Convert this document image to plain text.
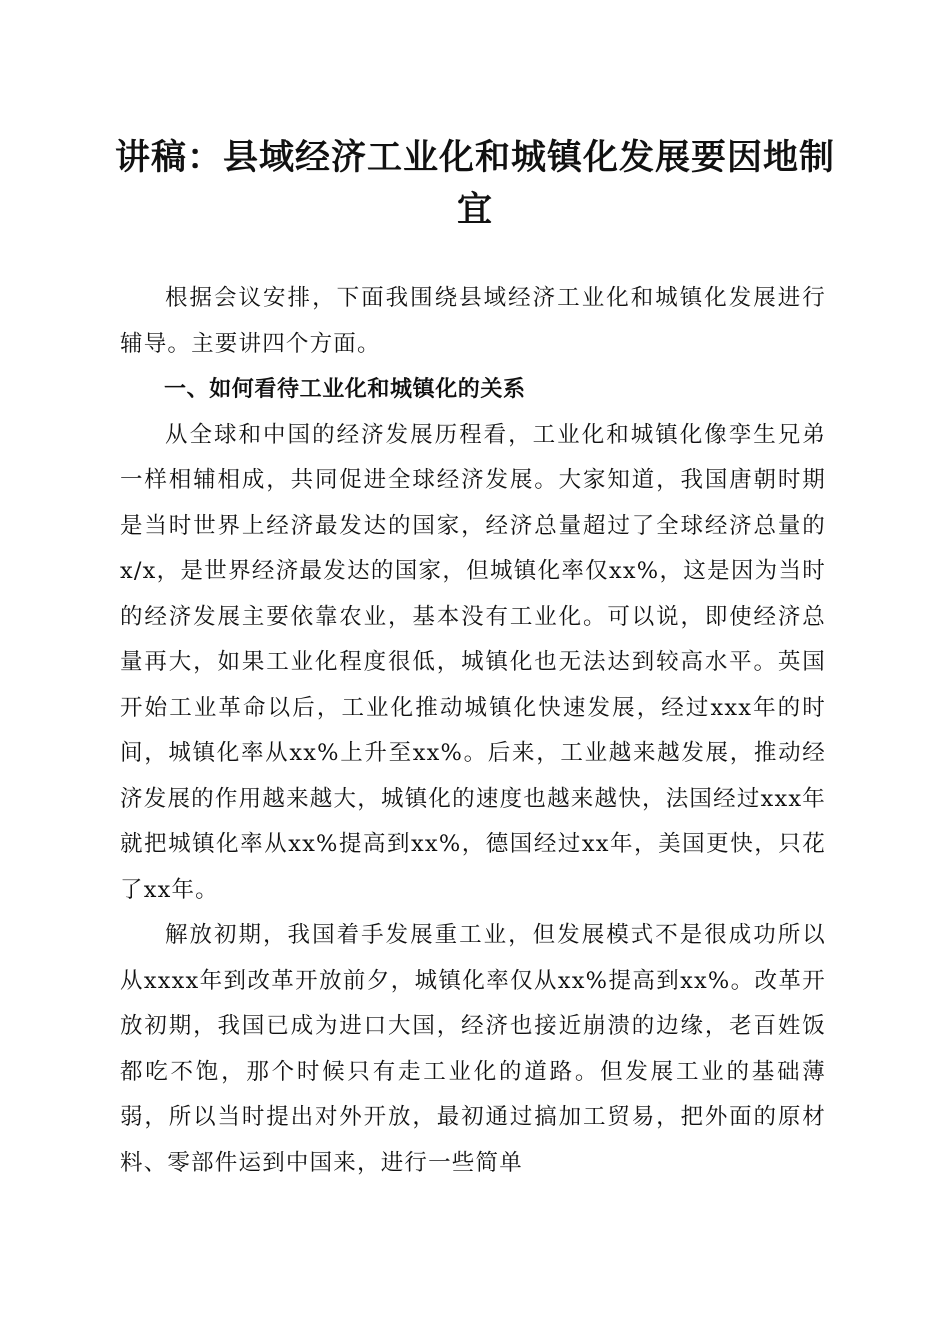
讲稿：县域经济工业化和城镇化发展要因地制宜

根据会议安排，下面我围绕县域经济工业化和城镇化发展进行辅导。主要讲四个方面。

一、如何看待工业化和城镇化的关系

从全球和中国的经济发展历程看，工业化和城镇化像孪生兄弟一样相辅相成，共同促进全球经济发展。大家知道，我国唐朝时期是当时世界上经济最发达的国家，经济总量超过了全球经济总量的x/x，是世界经济最发达的国家，但城镇化率仅xx%，这是因为当时的经济发展主要依靠农业，基本没有工业化。可以说，即使经济总量再大，如果工业化程度很低，城镇化也无法达到较高水平。英国开始工业革命以后，工业化推动城镇化快速发展，经过xxx年的时间，城镇化率从xx%上升至xx%。后来，工业越来越发展，推动经济发展的作用越来越大，城镇化的速度也越来越快，法国经过xxx年就把城镇化率从xx%提高到xx%，德国经过xx年，美国更快，只花了xx年。

解放初期，我国着手发展重工业，但发展模式不是很成功所以从xxxx年到改革开放前夕，城镇化率仅从xx%提高到xx%。改革开放初期，我国已成为进口大国，经济也接近崩溃的边缘，老百姓饭都吃不饱，那个时候只有走工业化的道路。但发展工业的基础薄弱，所以当时提出对外开放，最初通过搞加工贸易，把外面的原材料、零部件运到中国来，进行一些简单
